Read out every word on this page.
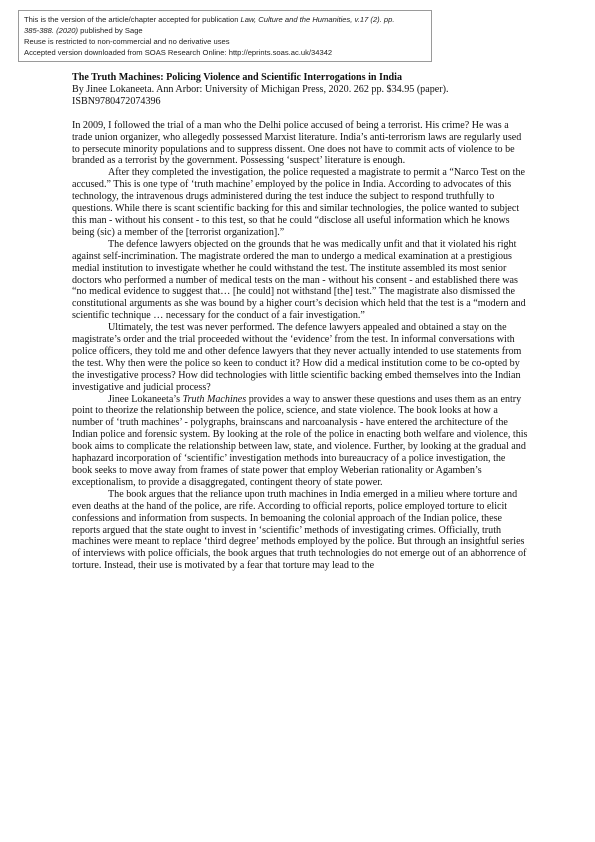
This is the version of the article/chapter accepted for publication Law, Culture and the Humanities, v.17 (2). pp.
385-388. (2020) published by Sage
Reuse is restricted to non-commercial and no derivative uses
Accepted version downloaded from SOAS Research Online: http://eprints.soas.ac.uk/34342

The Truth Machines: Policing Violence and Scientific Interrogations in India

By Jinee Lokaneeta. Ann Arbor: University of Michigan Press, 2020. 262 pp. $34.95 (paper).

ISBN9780472074396

In 2009, I followed the trial of a man who the Delhi police accused of being a terrorist. His crime? He was a trade union organizer, who allegedly possessed Marxist literature. India’s anti-terrorism laws are regularly used to persecute minority populations and to suppress dissent. One does not have to commit acts of violence to be branded as a terrorist by the government. Possessing ‘suspect’ literature is enough.

After they completed the investigation, the police requested a magistrate to permit a “Narco Test on the accused.” This is one type of ‘truth machine’ employed by the police in India. According to advocates of this technology, the intravenous drugs administered during the test induce the subject to respond truthfully to questions. While there is scant scientific backing for this and similar technologies, the police wanted to subject this man - without his consent - to this test, so that he could “disclose all useful information which he knows being (sic) a member of the [terrorist organization].”

The defence lawyers objected on the grounds that he was medically unfit and that it violated his right against self-incrimination. The magistrate ordered the man to undergo a medical examination at a prestigious medial institution to investigate whether he could withstand the test. The institute assembled its most senior doctors who performed a number of medical tests on the man - without his consent - and established there was “no medical evidence to suggest that… [he could] not withstand [the] test.” The magistrate also dismissed the constitutional arguments as she was bound by a higher court’s decision which held that the test is a “modern and scientific technique … necessary for the conduct of a fair investigation.”

Ultimately, the test was never performed. The defence lawyers appealed and obtained a stay on the magistrate’s order and the trial proceeded without the ‘evidence’ from the test. In informal conversations with police officers, they told me and other defence lawyers that they never actually intended to use statements from the test. Why then were the police so keen to conduct it? How did a medical institution come to be co-opted by the investigative process? How did technologies with little scientific backing embed themselves into the Indian investigative and judicial process?

Jinee Lokaneeta’s Truth Machines provides a way to answer these questions and uses them as an entry point to theorize the relationship between the police, science, and state violence. The book looks at how a number of ‘truth machines’ - polygraphs, brainscans and narcoanalysis - have entered the architecture of the Indian police and forensic system. By looking at the role of the police in enacting both welfare and violence, this book aims to complicate the relationship between law, state, and violence. Further, by looking at the gradual and haphazard incorporation of ‘scientific’ investigation methods into bureaucracy of a police investigation, the book seeks to move away from frames of state power that employ Weberian rationality or Agamben’s exceptionalism, to provide a disaggregated, contingent theory of state power.

The book argues that the reliance upon truth machines in India emerged in a milieu where torture and even deaths at the hand of the police, are rife. According to official reports, police employed torture to elicit confessions and information from suspects. In bemoaning the colonial approach of the Indian police, these reports argued that the state ought to invest in ‘scientific’ methods of investigating crimes. Officially, truth machines were meant to replace ‘third degree’ methods employed by the police. But through an insightful series of interviews with police officials, the book argues that truth technologies do not emerge out of an abhorrence of torture. Instead, their use is motivated by a fear that torture may lead to the
